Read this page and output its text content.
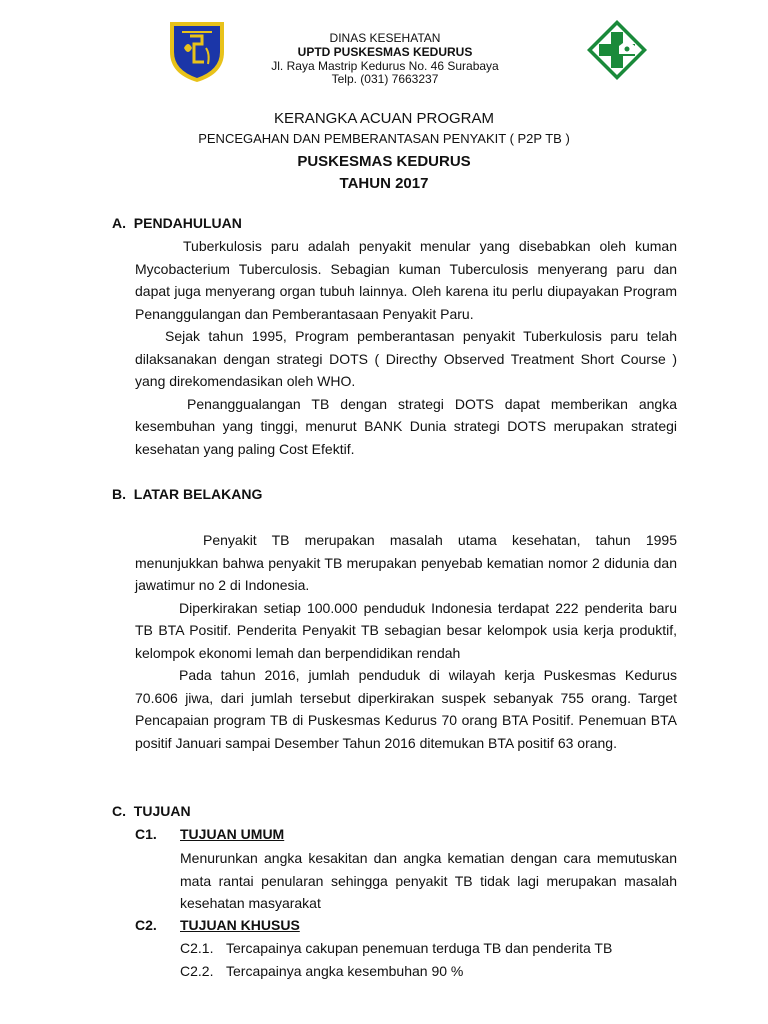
DINAS KESEHATAN
UPTD PUSKESMAS KEDURUS
Jl. Raya Mastrip Kedurus No. 46 Surabaya
Telp. (031) 7663237
KERANGKA ACUAN PROGRAM
PENCEGAHAN DAN PEMBERANTASAN PENYAKIT ( P2P TB )
PUSKESMAS KEDURUS
TAHUN 2017
A.  PENDAHULUAN

Tuberkulosis paru adalah penyakit menular yang disebabkan oleh kuman Mycobacterium Tuberculosis. Sebagian kuman Tuberculosis menyerang paru dan dapat juga menyerang organ tubuh lainnya. Oleh karena itu perlu diupayakan Program Penanggulangan dan Pemberantasaan Penyakit Paru.

Sejak tahun 1995, Program pemberantasan penyakit Tuberkulosis paru telah dilaksanakan dengan strategi DOTS ( Directhy Observed Treatment Short Course ) yang direkomendasikan oleh WHO.

Penanggualangan TB dengan strategi DOTS dapat memberikan angka kesembuhan yang tinggi, menurut BANK Dunia strategi DOTS merupakan strategi kesehatan yang paling Cost Efektif.

B.  LATAR BELAKANG

Penyakit TB merupakan masalah utama kesehatan, tahun 1995 menunjukkan bahwa penyakit TB merupakan penyebab kematian nomor 2 didunia dan jawatimur no 2 di Indonesia.

Diperkirakan setiap 100.000 penduduk Indonesia terdapat 222 penderita baru TB BTA Positif. Penderita Penyakit TB sebagian besar kelompok usia kerja produktif, kelompok ekonomi lemah dan berpendidikan rendah

Pada tahun 2016, jumlah penduduk di wilayah kerja Puskesmas Kedurus 70.606 jiwa, dari jumlah tersebut diperkirakan suspek sebanyak 755 orang. Target Pencapaian program TB di Puskesmas Kedurus 70 orang BTA Positif. Penemuan BTA positif Januari sampai Desember Tahun 2016 ditemukan BTA positif 63 orang.

C.  TUJUAN
C1. TUJUAN UMUM

Menurunkan angka kesakitan dan angka kematian dengan cara memutuskan mata rantai penularan sehingga penyakit TB tidak lagi merupakan masalah kesehatan masyarakat

C2. TUJUAN KHUSUS
C2.1. Tercapainya cakupan penemuan terduga TB dan penderita TB
C2.2. Tercapainya angka kesembuhan 90 %
